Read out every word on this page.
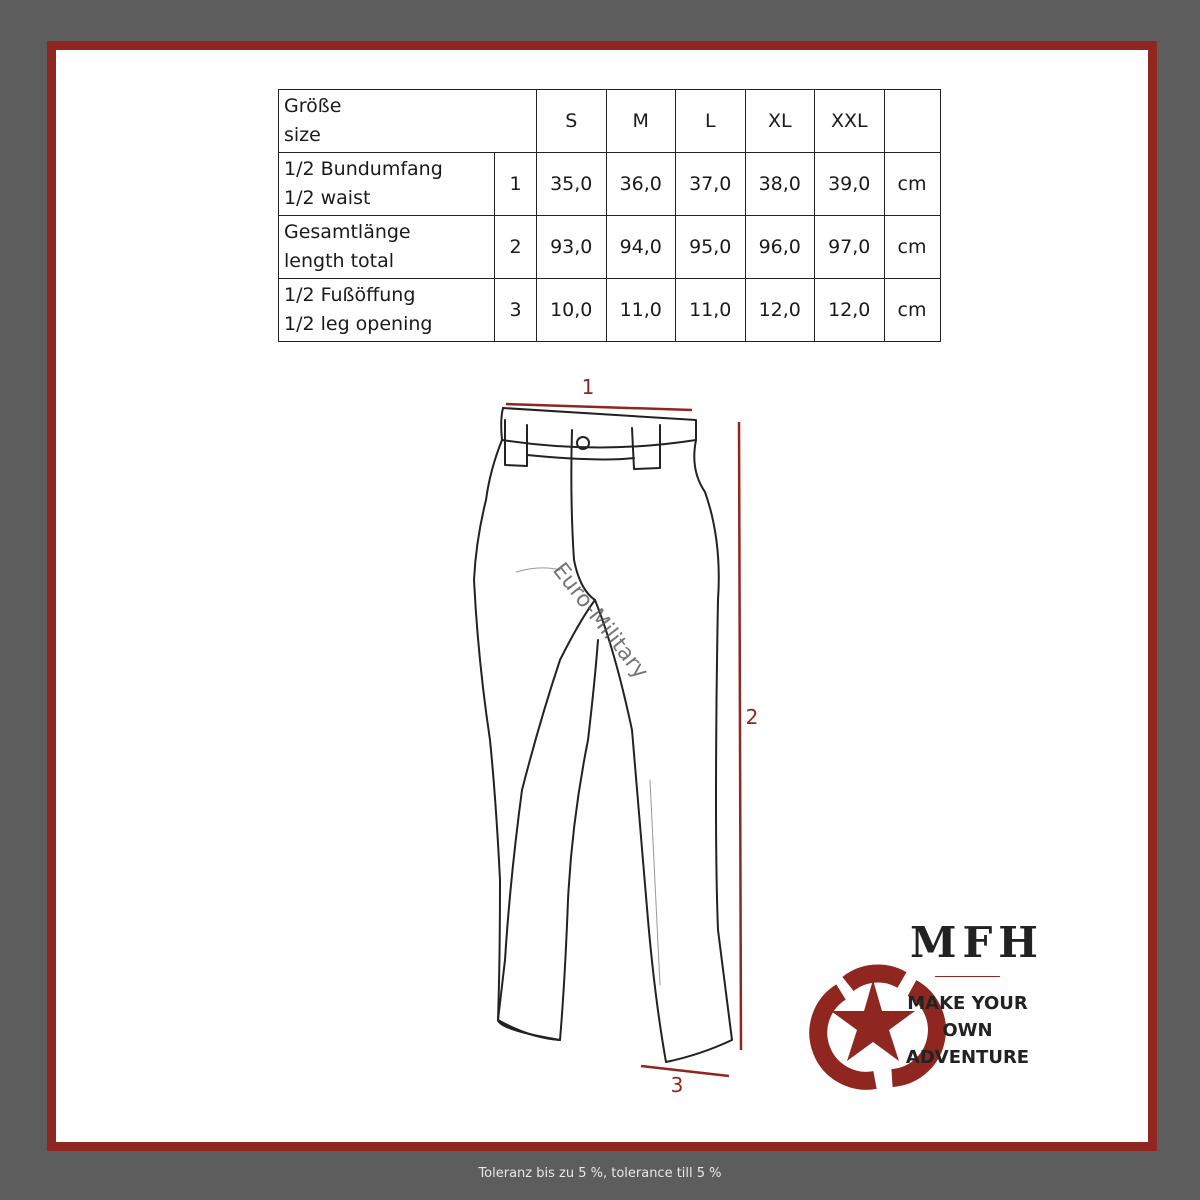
Größe
size		S	M	L	XL	XXL	

1/2 Bundumfang
1/2 waist	1	35,0	36,0	37,0	38,0	39,0	cm

Gesamtlänge
length total	2	93,0	94,0	95,0	96,0	97,0	cm

1/2 Fußöffung
1/2 leg opening	3	10,0	11,0	11,0	12,0	12,0	cm
1
2
3
Euro-Military
MFH
MAKE YOUR OWN
ADVENTURE
Toleranz bis zu 5 %, tolerance till 5 %
